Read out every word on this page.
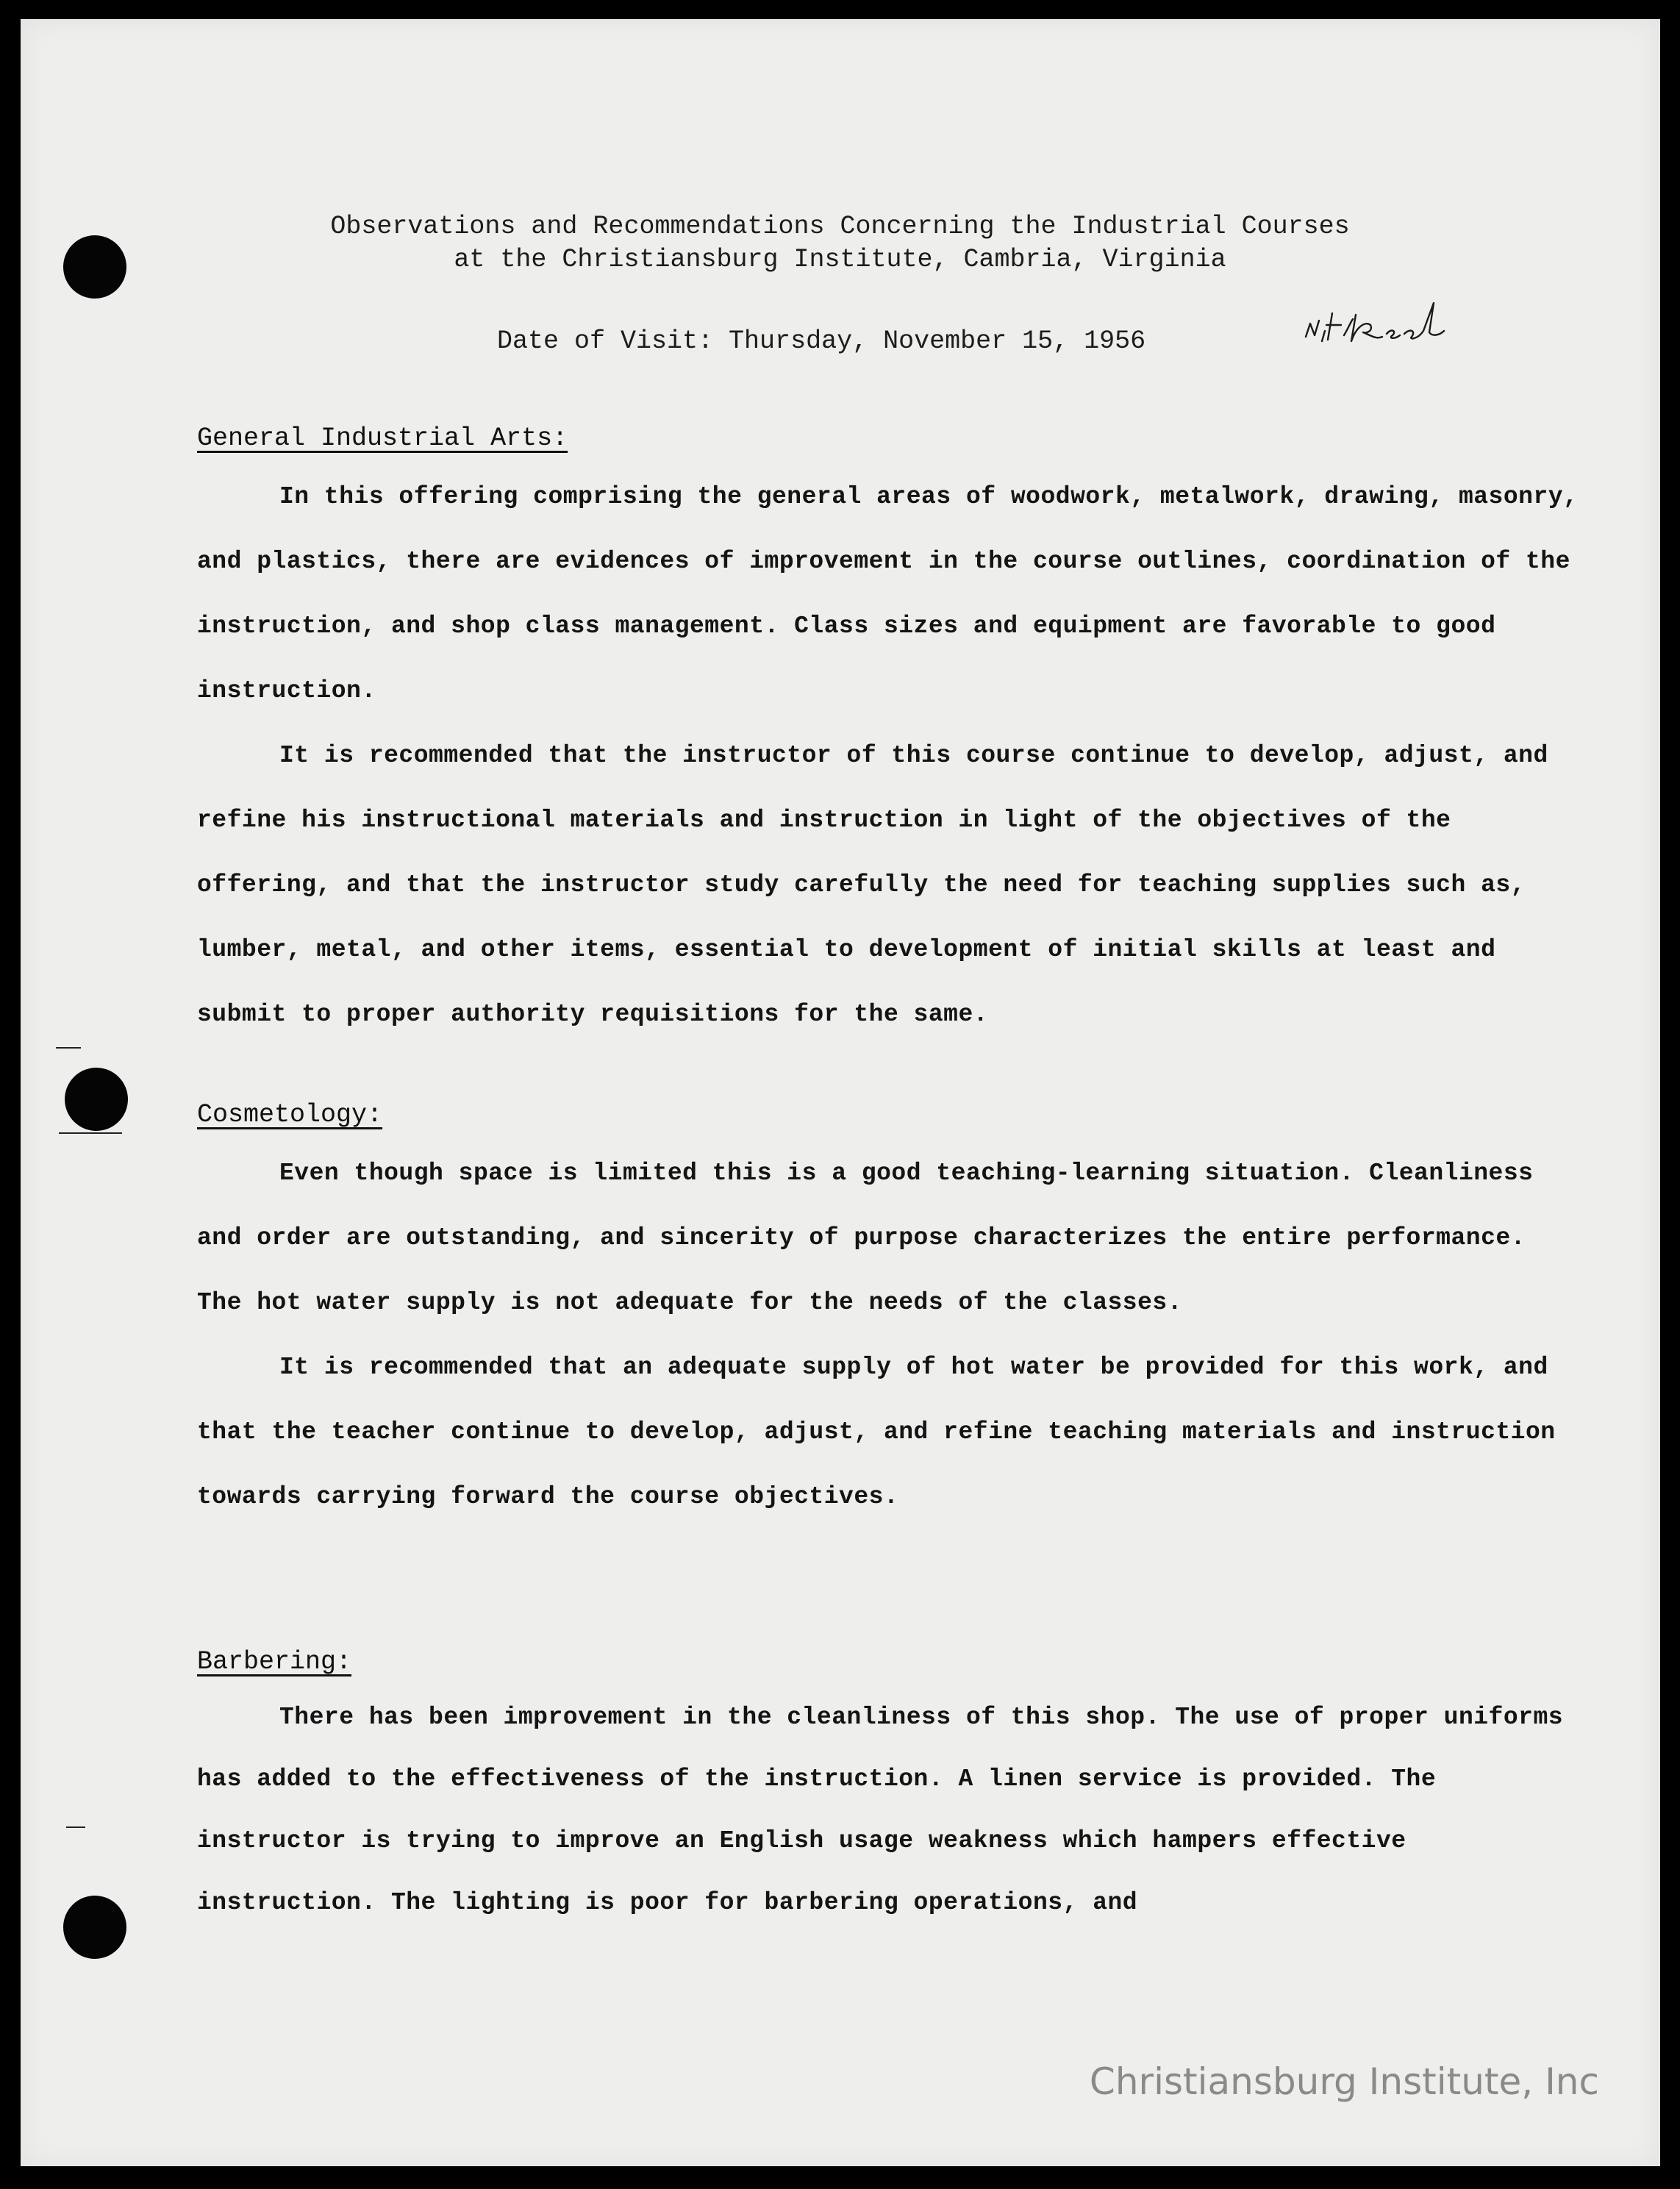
Observations and Recommendations Concerning the Industrial Courses
at the Christiansburg Institute, Cambria, Virginia
Date of Visit: Thursday, November 15, 1956
General Industrial Arts:

In this offering comprising the general areas of woodwork, metalwork, drawing, masonry, and plastics, there are evidences of improvement in the course outlines, coordination of the instruction, and shop class management. Class sizes and equipment are favorable to good instruction.

It is recommended that the instructor of this course continue to develop, adjust, and refine his instructional materials and instruction in light of the objectives of the offering, and that the instructor study carefully the need for teaching supplies such as, lumber, metal, and other items, essential to development of initial skills at least and submit to proper authority requisitions for the same.

Cosmetology:

Even though space is limited this is a good teaching-learning situation. Cleanliness and order are outstanding, and sincerity of purpose characterizes the entire performance. The hot water supply is not adequate for the needs of the classes.

It is recommended that an adequate supply of hot water be provided for this work, and that the teacher continue to develop, adjust, and refine teaching materials and instruction towards carrying forward the course objectives.

Barbering:

There has been improvement in the cleanliness of this shop. The use of proper uniforms has added to the effectiveness of the instruction. A linen service is provided. The instructor is trying to improve an English usage weakness which hampers effective instruction. The lighting is poor for barbering operations, and

Christiansburg Institute, Inc
